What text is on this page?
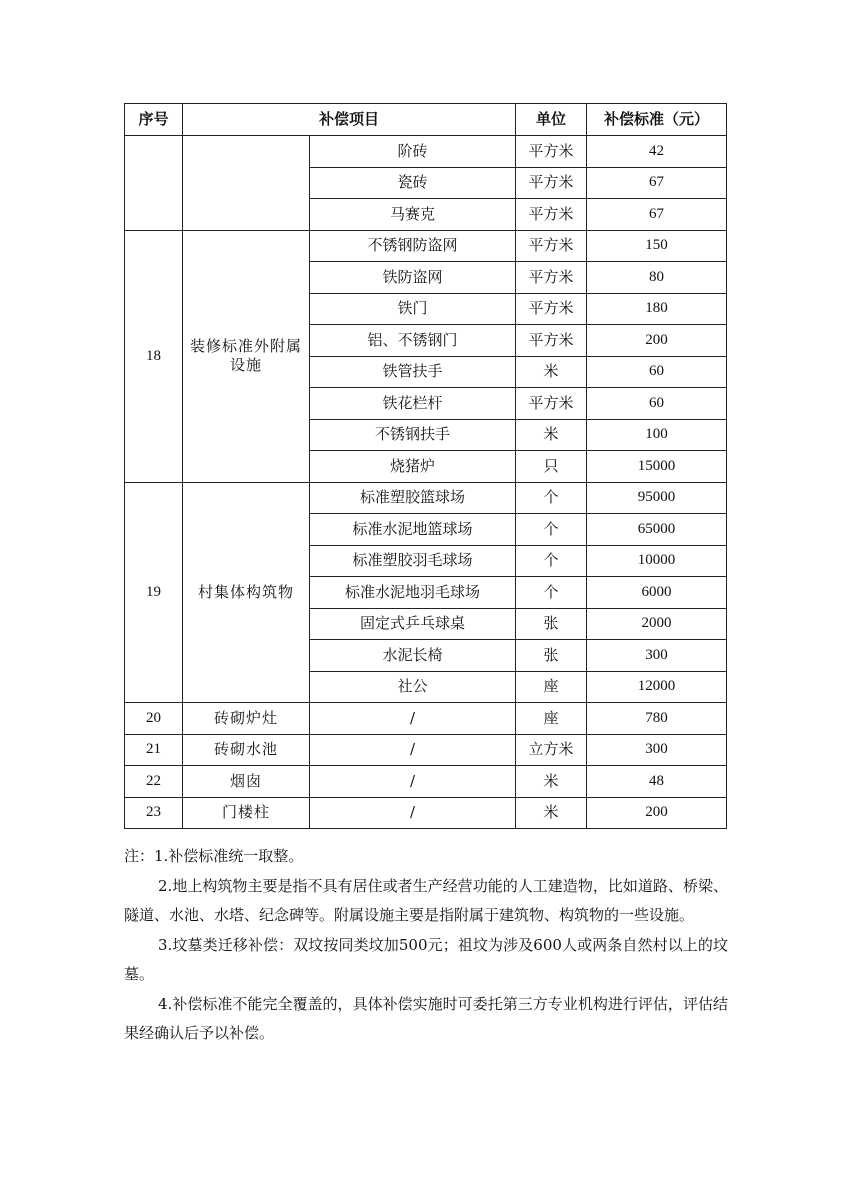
序号	补偿项目		单位	补偿标准（元）
		阶砖	平方米	42
		瓷砖	平方米	67
		马赛克	平方米	67
18	装修标准外附属设施	不锈钢防盗网	平方米	150
		铁防盗网	平方米	80
		铁门	平方米	180
		铝、不锈钢门	平方米	200
		铁管扶手	米	60
		铁花栏杆	平方米	60
		不锈钢扶手	米	100
		烧猪炉	只	15000
19	村集体构筑物	标准塑胶篮球场	个	95000
		标准水泥地篮球场	个	65000
		标准塑胶羽毛球场	个	10000
		标准水泥地羽毛球场	个	6000
		固定式乒乓球桌	张	2000
		水泥长椅	张	300
		社公	座	12000
20	砖砌炉灶	/	座	780
21	砖砌水池	/	立方米	300
22	烟囱	/	米	48
23	门楼柱	/	米	200

注：1.补偿标准统一取整。

2.地上构筑物主要是指不具有居住或者生产经营功能的人工建造物，比如道路、桥梁、隧道、水池、水塔、纪念碑等。附属设施主要是指附属于建筑物、构筑物的一些设施。

3.坟墓类迁移补偿：双坟按同类坟加500元；祖坟为涉及600人或两条自然村以上的坟墓。

4.补偿标准不能完全覆盖的，具体补偿实施时可委托第三方专业机构进行评估，评估结果经确认后予以补偿。
